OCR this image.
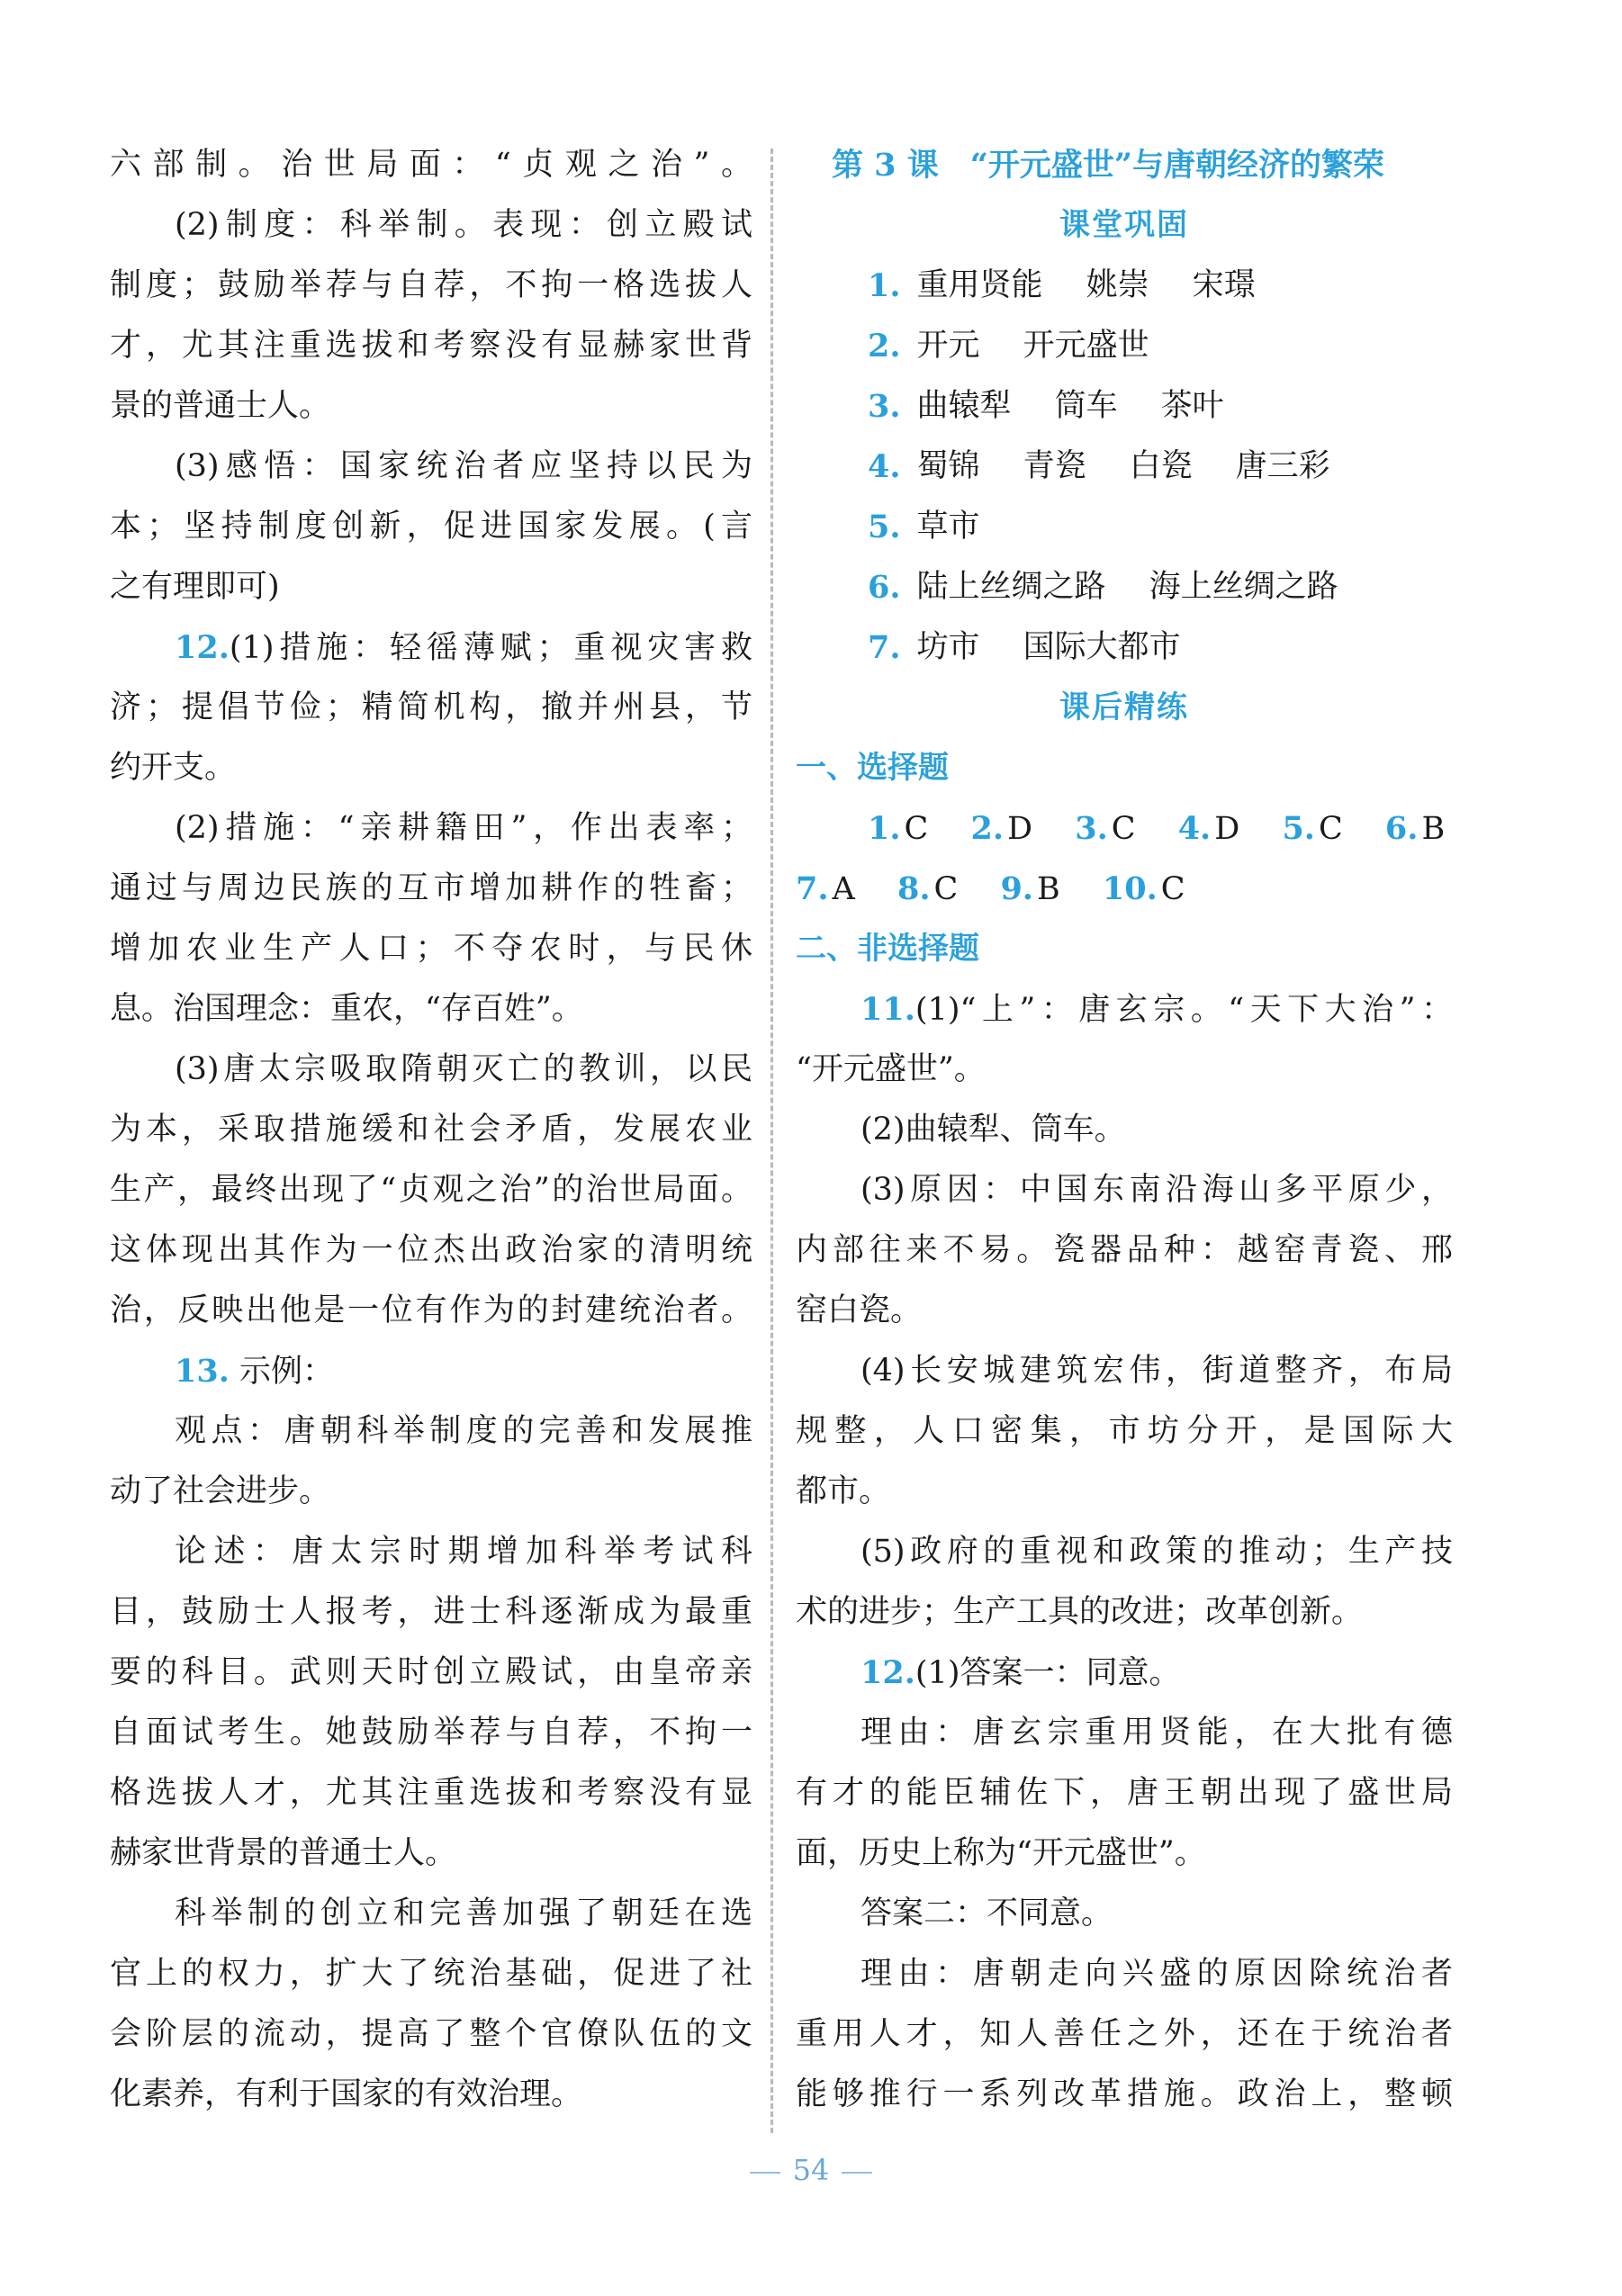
六部制。治世局面：“贞观之治”。
(2)制度：科举制。表现：创立殿试
制度；鼓励举荐与自荐，不拘一格选拔人
才，尤其注重选拔和考察没有显赫家世背
景的普通士人。
(3)感悟：国家统治者应坚持以民为
本；坚持制度创新，促进国家发展。(言
之有理即可)
12.(1)措施：轻徭薄赋；重视灾害救
济；提倡节俭；精简机构，撤并州县，节
约开支。
(2)措施：“亲耕籍田”，作出表率；
通过与周边民族的互市增加耕作的牲畜；
增加农业生产人口；不夺农时，与民休
息。治国理念：重农，“存百姓”。
(3)唐太宗吸取隋朝灭亡的教训，以民
为本，采取措施缓和社会矛盾，发展农业
生产，最终出现了“贞观之治”的治世局面。
这体现出其作为一位杰出政治家的清明统
治，反映出他是一位有作为的封建统治者。
13. 示例：
观点：唐朝科举制度的完善和发展推
动了社会进步。
论述：唐太宗时期增加科举考试科
目，鼓励士人报考，进士科逐渐成为最重
要的科目。武则天时创立殿试，由皇帝亲
自面试考生。她鼓励举荐与自荐，不拘一
格选拔人才，尤其注重选拔和考察没有显
赫家世背景的普通士人。
科举制的创立和完善加强了朝廷在选
官上的权力，扩大了统治基础，促进了社
会阶层的流动，提高了整个官僚队伍的文
化素养，有利于国家的有效治理。
第 3 课　“开元盛世”与唐朝经济的繁荣
课堂巩固
1. 重用贤能 姚崇 宋璟
2. 开元 开元盛世
3. 曲辕犁 筒车 茶叶
4. 蜀锦 青瓷 白瓷 唐三彩
5. 草市
6. 陆上丝绸之路 海上丝绸之路
7. 坊市 国际大都市
课后精练
一、选择题
1. C 2. D 3. C 4. D 5. C 6. B
7. A 8. C 9. B 10. C
二、非选择题
11.(1)“上”：唐玄宗。“天下大治”：
“开元盛世”。
(2)曲辕犁、筒车。
(3)原因：中国东南沿海山多平原少，
内部往来不易。瓷器品种：越窑青瓷、邢
窑白瓷。
(4)长安城建筑宏伟，街道整齐，布局
规整，人口密集，市坊分开，是国际大
都市。
(5)政府的重视和政策的推动；生产技
术的进步；生产工具的改进；改革创新。
12.(1)答案一：同意。
理由：唐玄宗重用贤能，在大批有德
有才的能臣辅佐下，唐王朝出现了盛世局
面，历史上称为“开元盛世”。
答案二：不同意。
理由：唐朝走向兴盛的原因除统治者
重用人才，知人善任之外，还在于统治者
能够推行一系列改革措施。政治上，整顿
54
